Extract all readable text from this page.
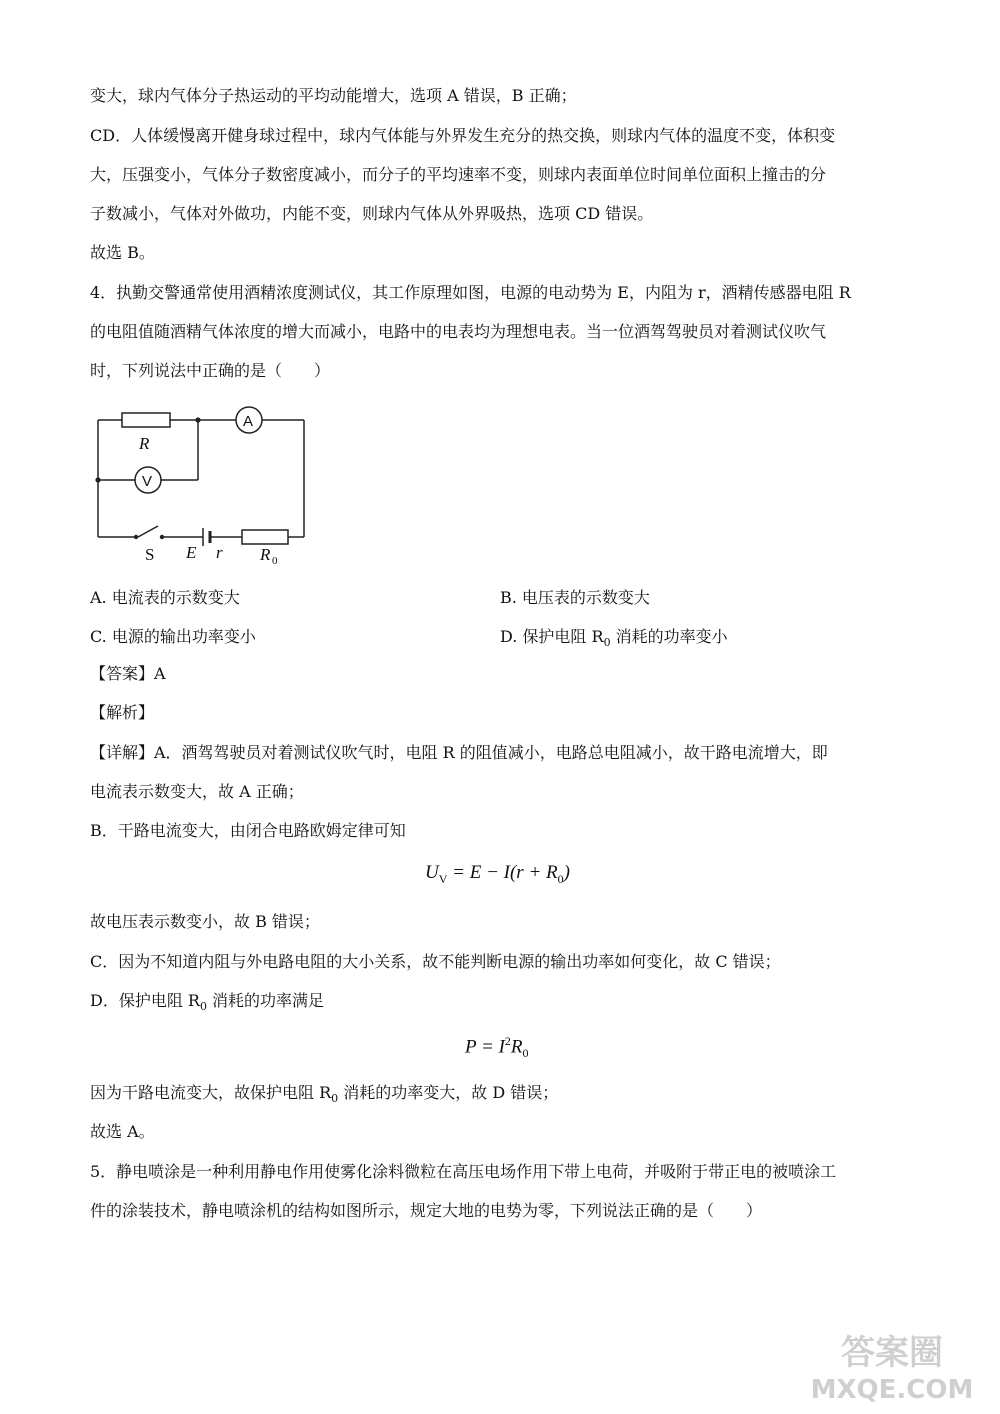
变大，球内气体分子热运动的平均动能增大，选项 A 错误，B 正确；
CD．人体缓慢离开健身球过程中，球内气体能与外界发生充分的热交换，则球内气体的温度不变，体积变
大，压强变小，气体分子数密度减小，而分子的平均速率不变，则球内表面单位时间单位面积上撞击的分
子数减小，气体对外做功，内能不变，则球内气体从外界吸热，选项 CD 错误。
故选 B。
4．执勤交警通常使用酒精浓度测试仪，其工作原理如图，电源的电动势为 E，内阻为 r，酒精传感器电阻 R
的电阻值随酒精气体浓度的增大而减小，电路中的电表均为理想电表。当一位酒驾驾驶员对着测试仪吹气
时，下列说法中正确的是（　　）
R
A
V
S E r R 0
A. 电流表的示数变大	B. 电压表的示数变大
C. 电源的输出功率变小	D. 保护电阻 $R_0$ 消耗的功率变小
【答案】A
【解析】
【详解】A．酒驾驾驶员对着测试仪吹气时，电阻 R 的阻值减小，电路总电阻减小，故干路电流增大，即
电流表示数变大，故 A 正确；
B．干路电流变大，由闭合电路欧姆定律可知
$U_V = E - I(r + R_0)$
故电压表示数变小，故 B 错误；
C．因为不知道内阻与外电路电阻的大小关系，故不能判断电源的输出功率如何变化，故 C 错误；
D．保护电阻 $R_0$ 消耗的功率满足
$P = I^2R_0$
因为干路电流变大，故保护电阻 $R_0$ 消耗的功率变大，故 D 错误；
故选 A。
5．静电喷涂是一种利用静电作用使雾化涂料微粒在高压电场作用下带上电荷，并吸附于带正电的被喷涂工
件的涂装技术，静电喷涂机的结构如图所示，规定大地的电势为零，下列说法正确的是（　　）
答案圈
MXQE.COM
